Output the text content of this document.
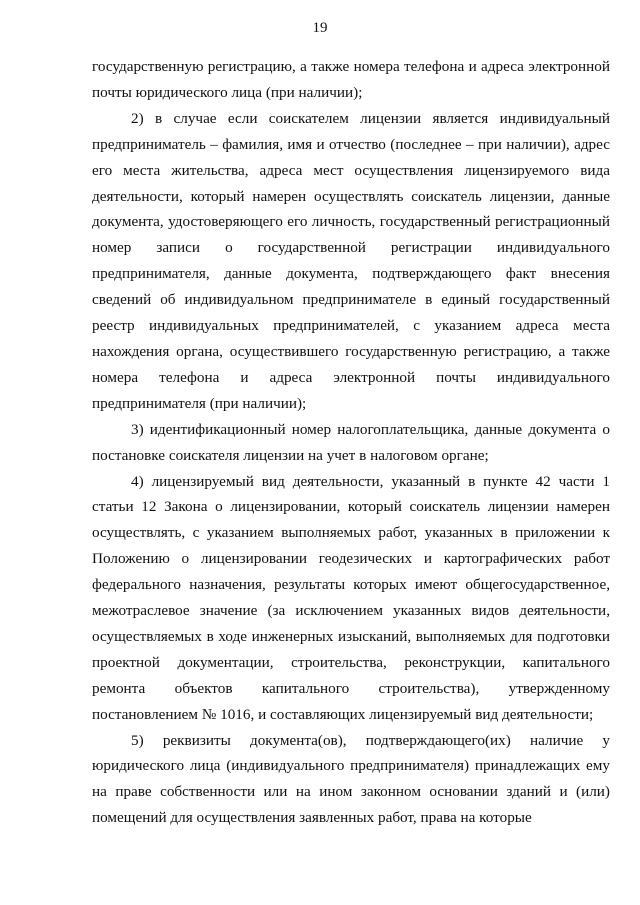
19

государственную регистрацию, а также номера телефона и адреса электронной почты юридического лица (при наличии);

2) в случае если соискателем лицензии является индивидуальный предприниматель – фамилия, имя и отчество (последнее – при наличии), адрес его места жительства, адреса мест осуществления лицензируемого вида деятельности, который намерен осуществлять соискатель лицензии, данные документа, удостоверяющего его личность, государственный регистрационный номер записи о государственной регистрации индивидуального предпринимателя, данные документа, подтверждающего факт внесения сведений об индивидуальном предпринимателе в единый государственный реестр индивидуальных предпринимателей, с указанием адреса места нахождения органа, осуществившего государственную регистрацию, а также номера телефона и адреса электронной почты индивидуального предпринимателя (при наличии);

3) идентификационный номер налогоплательщика, данные документа о постановке соискателя лицензии на учет в налоговом органе;

4) лицензируемый вид деятельности, указанный в пункте 42 части 1 статьи 12 Закона о лицензировании, который соискатель лицензии намерен осуществлять, с указанием выполняемых работ, указанных в приложении к Положению о лицензировании геодезических и картографических работ федерального назначения, результаты которых имеют общегосударственное, межотраслевое значение (за исключением указанных видов деятельности, осуществляемых в ходе инженерных изысканий, выполняемых для подготовки проектной документации, строительства, реконструкции, капитального ремонта объектов капитального строительства), утвержденному постановлением № 1016, и составляющих лицензируемый вид деятельности;

5) реквизиты документа(ов), подтверждающего(их) наличие у юридического лица (индивидуального предпринимателя) принадлежащих ему на праве собственности или на ином законном основании зданий и (или) помещений для осуществления заявленных работ, права на которые
